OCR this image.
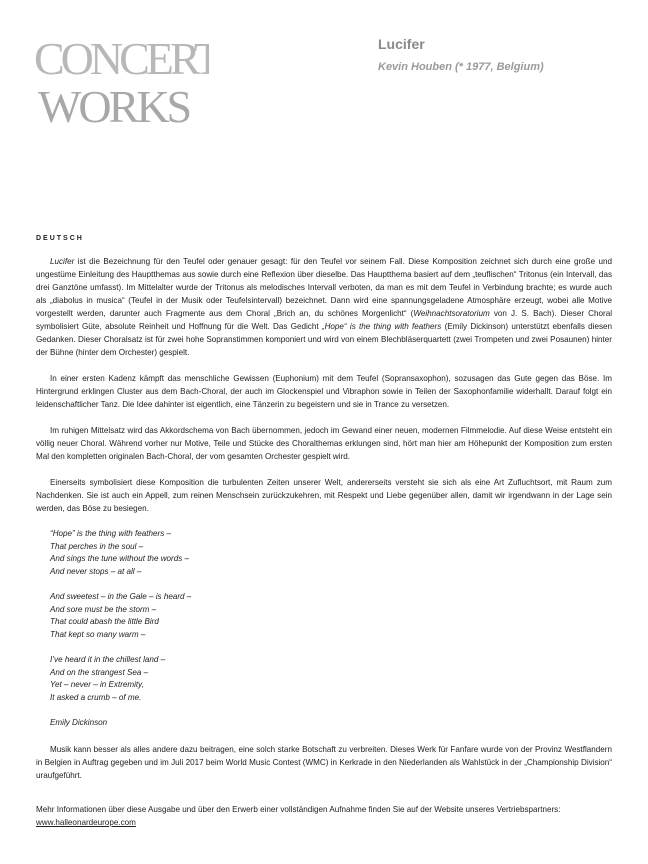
CONCERT
WORKS
Lucifer
Kevin Houben (* 1977, Belgium)
DEUTSCH

Lucifer ist die Bezeichnung für den Teufel oder genauer gesagt: für den Teufel vor seinem Fall. Diese Komposition zeichnet sich durch eine große und ungestüme Einleitung des Hauptthemas aus sowie durch eine Reflexion über dieselbe. Das Hauptthema basiert auf dem „teuflischen“ Tritonus (ein Intervall, das drei Ganztöne umfasst). Im Mittelalter wurde der Tritonus als melodisches Intervall verboten, da man es mit dem Teufel in Verbindung brachte; es wurde auch als „diabolus in musica“ (Teufel in der Musik oder Teufelsintervall) bezeichnet. Dann wird eine spannungsgeladene Atmosphäre erzeugt, wobei alle Motive vorgestellt werden, darunter auch Fragmente aus dem Choral „Brich an, du schönes Morgenlicht“ (Weihnachtsoratorium von J. S. Bach). Dieser Choral symbolisiert Güte, absolute Reinheit und Hoffnung für die Welt. Das Gedicht „Hope“ is the thing with feathers (Emily Dickinson) unterstützt ebenfalls diesen Gedanken. Dieser Choralsatz ist für zwei hohe Sopranstimmen komponiert und wird von einem Blechbläserquartett (zwei Trompeten und zwei Posaunen) hinter der Bühne (hinter dem Orchester) gespielt.

In einer ersten Kadenz kämpft das menschliche Gewissen (Euphonium) mit dem Teufel (Sopransaxophon), sozusagen das Gute gegen das Böse. Im Hintergrund erklingen Cluster aus dem Bach-Choral, der auch im Glockenspiel und Vibraphon sowie in Teilen der Saxophonfamilie widerhallt. Darauf folgt ein leidenschaftlicher Tanz. Die Idee dahinter ist eigentlich, eine Tänzerin zu begeistern und sie in Trance zu versetzen.

Im ruhigen Mittelsatz wird das Akkordschema von Bach übernommen, jedoch im Gewand einer neuen, modernen Filmmelodie. Auf diese Weise entsteht ein völlig neuer Choral. Während vorher nur Motive, Teile und Stücke des Choralthemas erklungen sind, hört man hier am Höhepunkt der Komposition zum ersten Mal den kompletten originalen Bach-Choral, der vom gesamten Orchester gespielt wird.

Einerseits symbolisiert diese Komposition die turbulenten Zeiten unserer Welt, andererseits versteht sie sich als eine Art Zufluchtsort, mit Raum zum Nachdenken. Sie ist auch ein Appell, zum reinen Menschsein zurückzukehren, mit Respekt und Liebe gegenüber allen, damit wir irgendwann in der Lage sein werden, das Böse zu besiegen.

“Hope” is the thing with feathers –
That perches in the soul –
And sings the tune without the words –
And never stops – at all –
And sweetest – in the Gale – is heard –
And sore must be the storm –
That could abash the little Bird
That kept so many warm –
I’ve heard it in the chillest land –
And on the strangest Sea –
Yet – never – in Extremity,
It asked a crumb – of me.
Emily Dickinson

Musik kann besser als alles andere dazu beitragen, eine solch starke Botschaft zu verbreiten. Dieses Werk für Fanfare wurde von der Provinz Westflandern in Belgien in Auftrag gegeben und im Juli 2017 beim World Music Contest (WMC) in Kerkrade in den Niederlanden als Wahlstück in der „Championship Division“ uraufgeführt.

Mehr Informationen über diese Ausgabe und über den Erwerb einer vollständigen Aufnahme finden Sie auf der Website unseres Vertriebspartners:
www.halleonardeurope.com
